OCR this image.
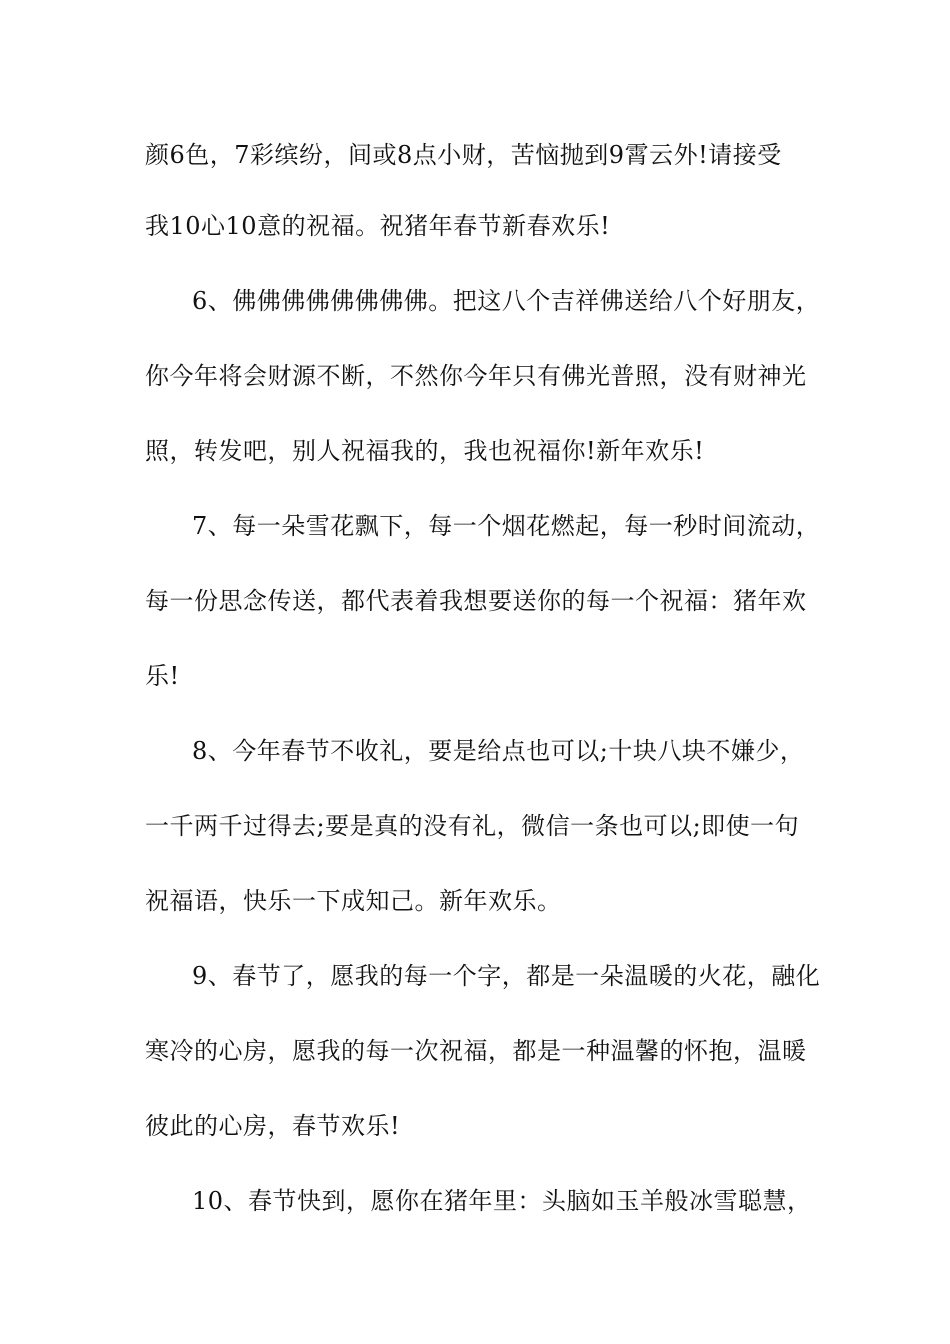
颜6色，7彩缤纷，间或8点小财，苦恼抛到9霄云外!请接受
我10心10意的祝福。祝猪年春节新春欢乐!
6、佛佛佛佛佛佛佛佛。把这八个吉祥佛送给八个好朋友，
你今年将会财源不断，不然你今年只有佛光普照，没有财神光
照，转发吧，别人祝福我的，我也祝福你!新年欢乐!
7、每一朵雪花飘下，每一个烟花燃起，每一秒时间流动，
每一份思念传送，都代表着我想要送你的每一个祝福：猪年欢
乐!
8、今年春节不收礼，要是给点也可以;十块八块不嫌少，
一千两千过得去;要是真的没有礼，微信一条也可以;即使一句
祝福语，快乐一下成知己。新年欢乐。
9、春节了，愿我的每一个字，都是一朵温暖的火花，融化
寒冷的心房，愿我的每一次祝福，都是一种温馨的怀抱，温暖
彼此的心房，春节欢乐!
10、春节快到，愿你在猪年里：头脑如玉羊般冰雪聪慧，
